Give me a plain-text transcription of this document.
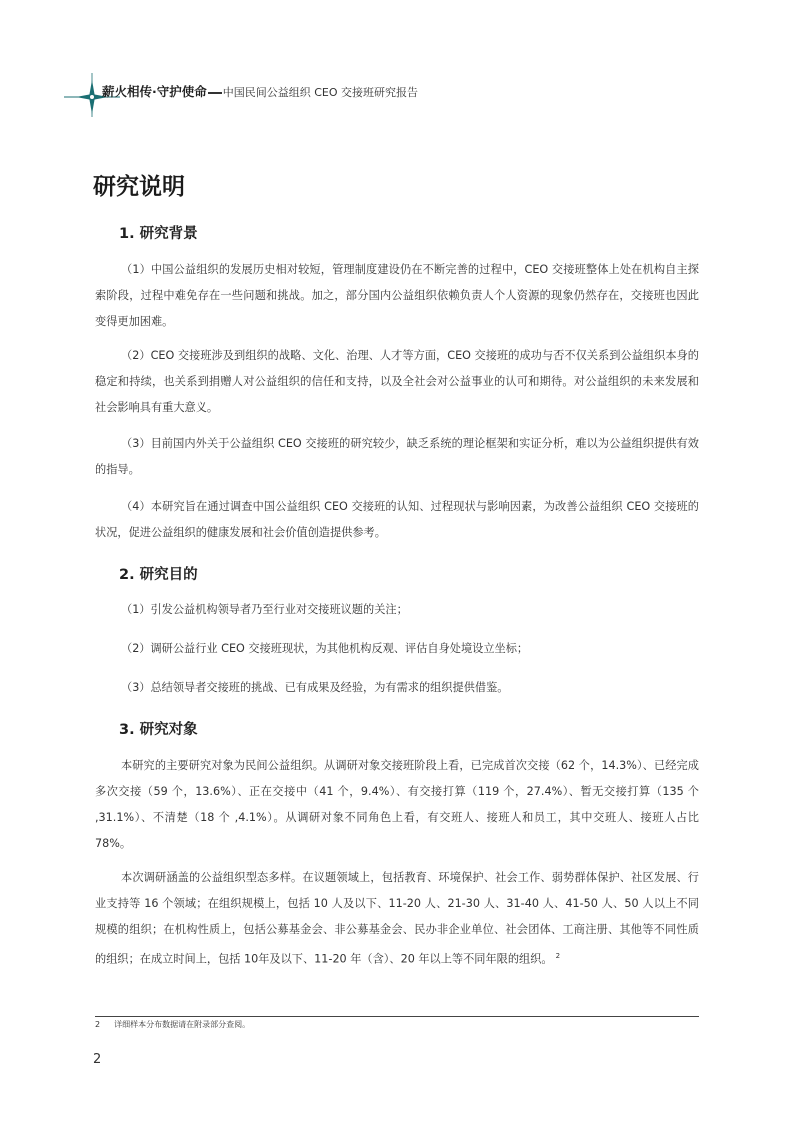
薪火相传·守护使命 中国民间公益组织 CEO 交接班研究报告
研究说明
1. 研究背景

（1）中国公益组织的发展历史相对较短，管理制度建设仍在不断完善的过程中，CEO 交接班整体上处在机构自主探索阶段，过程中难免存在一些问题和挑战。加之，部分国内公益组织依赖负责人个人资源的现象仍然存在，交接班也因此变得更加困难。

（2）CEO 交接班涉及到组织的战略、文化、治理、人才等方面，CEO 交接班的成功与否不仅关系到公益组织本身的稳定和持续，也关系到捐赠人对公益组织的信任和支持，以及全社会对公益事业的认可和期待。对公益组织的未来发展和社会影响具有重大意义。

（3）目前国内外关于公益组织 CEO 交接班的研究较少，缺乏系统的理论框架和实证分析，难以为公益组织提供有效的指导。

（4）本研究旨在通过调查中国公益组织 CEO 交接班的认知、过程现状与影响因素，为改善公益组织 CEO 交接班的状况，促进公益组织的健康发展和社会价值创造提供参考。

2. 研究目的

（1）引发公益机构领导者乃至行业对交接班议题的关注；

（2）调研公益行业 CEO 交接班现状，为其他机构反观、评估自身处境设立坐标；

（3）总结领导者交接班的挑战、已有成果及经验，为有需求的组织提供借鉴。

3. 研究对象

本研究的主要研究对象为民间公益组织。从调研对象交接班阶段上看，已完成首次交接（62 个，14.3%）、已经完成多次交接（59 个，13.6%）、正在交接中（41 个，9.4%）、有交接打算（119 个，27.4%）、暂无交接打算（135 个 ,31.1%）、不清楚（18 个 ,4.1%）。从调研对象不同角色上看，有交班人、接班人和员工，其中交班人、接班人占比 78%。

本次调研涵盖的公益组织型态多样。在议题领域上，包括教育、环境保护、社会工作、弱势群体保护、社区发展、行业支持等 16 个领域；在组织规模上，包括 10 人及以下、11-20 人、21-30 人、31-40 人、41-50 人、50 人以上不同规模的组织；在机构性质上，包括公募基金会、非公募基金会、民办非企业单位、社会团体、工商注册、其他等不同性质的组织；在成立时间上，包括 10年及以下、11-20 年（含）、20 年以上等不同年限的组织。 $^2$

2 详细样本分布数据请在附录部分查阅。
2
